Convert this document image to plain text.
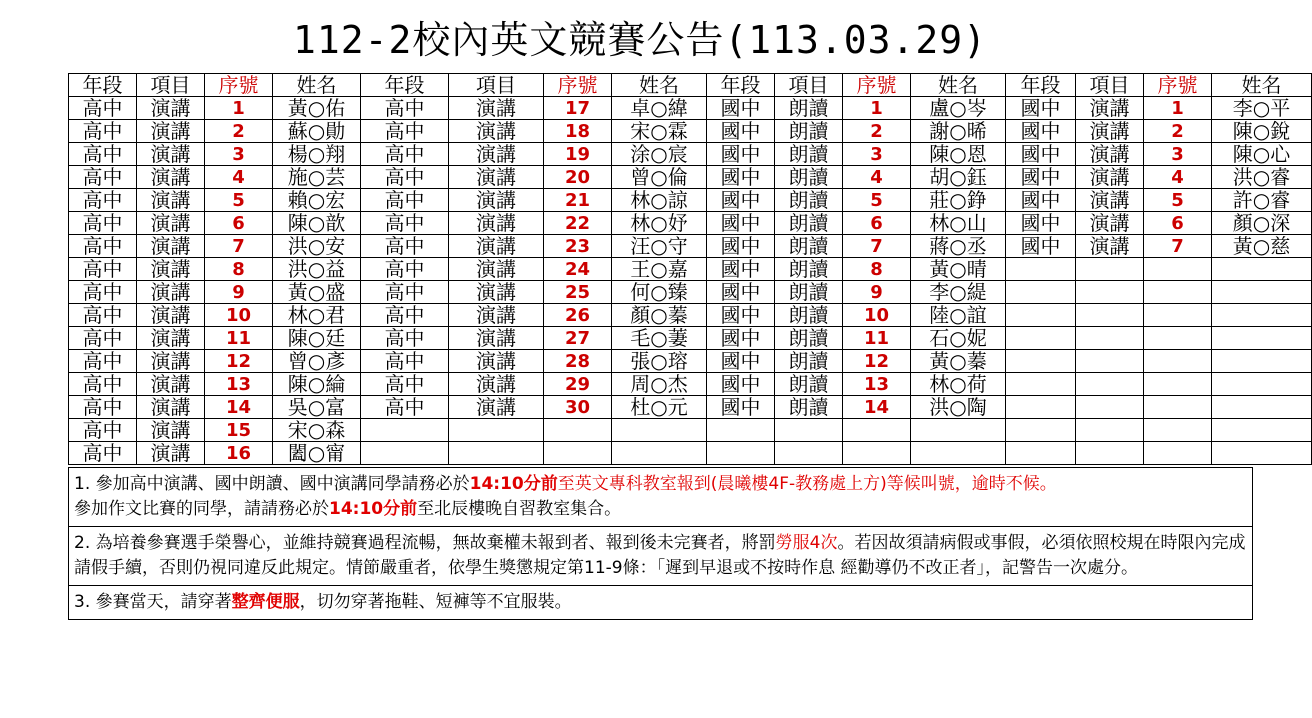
112-2校內英文競賽公告(113.03.29)
年段	項目	序號	姓名	年段	項目	序號	姓名	年段	項目	序號	姓名	年段	項目	序號	姓名
高中	演講	1	黃○佑	高中	演講	17	卓○緯	國中	朗讀	1	盧○岑	國中	演講	1	李○平
高中	演講	2	蘇○勛	高中	演講	18	宋○霖	國中	朗讀	2	謝○晞	國中	演講	2	陳○銳
高中	演講	3	楊○翔	高中	演講	19	涂○宸	國中	朗讀	3	陳○恩	國中	演講	3	陳○心
高中	演講	4	施○芸	高中	演講	20	曾○倫	國中	朗讀	4	胡○鈺	國中	演講	4	洪○睿
高中	演講	5	賴○宏	高中	演講	21	林○諒	國中	朗讀	5	莊○錚	國中	演講	5	許○睿
高中	演講	6	陳○歆	高中	演講	22	林○妤	國中	朗讀	6	林○山	國中	演講	6	顏○深
高中	演講	7	洪○安	高中	演講	23	汪○守	國中	朗讀	7	蔣○丞	國中	演講	7	黃○慈
高中	演講	8	洪○益	高中	演講	24	王○嘉	國中	朗讀	8	黃○晴				
高中	演講	9	黃○盛	高中	演講	25	何○臻	國中	朗讀	9	李○緹				
高中	演講	10	林○君	高中	演講	26	顏○蓁	國中	朗讀	10	陸○誼				
高中	演講	11	陳○廷	高中	演講	27	毛○萋	國中	朗讀	11	石○妮				
高中	演講	12	曾○彥	高中	演講	28	張○瑢	國中	朗讀	12	黃○蓁				
高中	演講	13	陳○綸	高中	演講	29	周○杰	國中	朗讀	13	林○荷				
高中	演講	14	吳○富	高中	演講	30	杜○元	國中	朗讀	14	洪○陶				
高中	演講	15	宋○森												
高中	演講	16	闔○甯												
1. 參加高中演講、國中朗讀、國中演講同學請務必於14:10分前至英文專科教室報到(晨曦樓4F-教務處上方)等候叫號，逾時不候。
參加作文比賽的同學，請請務必於14:10分前至北辰樓晚自習教室集合。
2. 為培養參賽選手榮譽心，並維持競賽過程流暢，無故棄權未報到者、報到後未完賽者，將罰勞服4次。若因故須請病假或事假，必須依照校規在時限內完成請假手續，否則仍視同違反此規定。情節嚴重者，依學生獎懲規定第11-9條：「遲到早退或不按時作息 經勸導仍不改正者」，記警告一次處分。
3. 參賽當天，請穿著整齊便服，切勿穿著拖鞋、短褲等不宜服裝。
